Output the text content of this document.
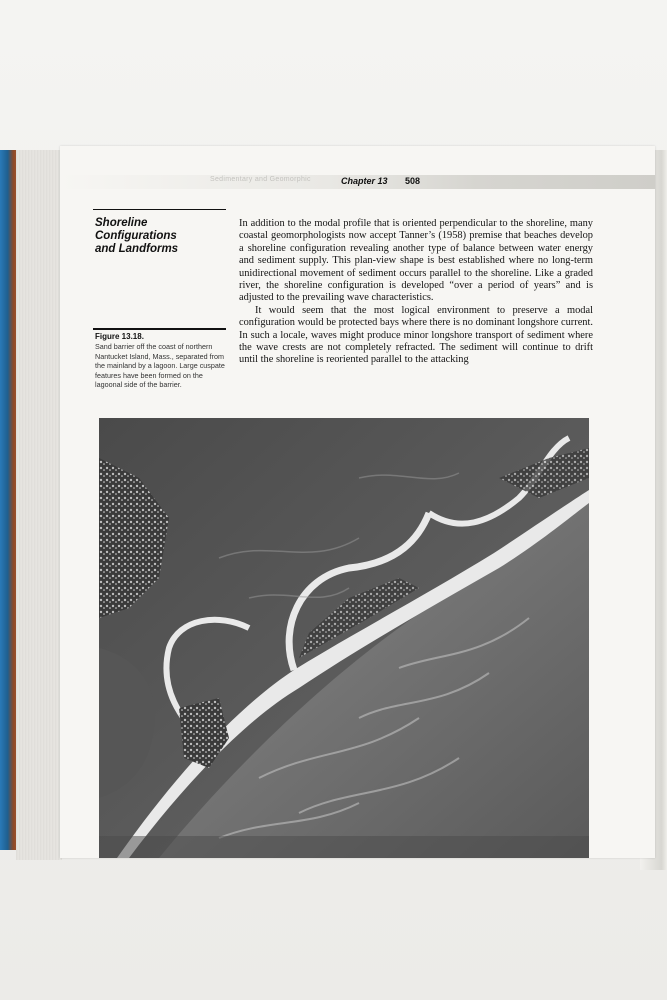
Sedimentary and Geomorphic	Chapter 13 508
Shoreline
Configurations
and Landforms
Figure 13.18.
Sand barrier off the coast of northern Nantucket Island, Mass., separated from the mainland by a lagoon. Large cuspate features have been formed on the lagoonal side of the barrier.

In addition to the modal profile that is oriented perpendicular to the shoreline, many coastal geomorphologists now accept Tanner’s (1958) premise that beaches develop a shoreline configuration revealing another type of balance between water energy and sediment supply. This plan-view shape is best established where no long-term unidirectional movement of sediment occurs parallel to the shoreline. Like a graded river, the shoreline configuration is developed “over a period of years” and is adjusted to the prevailing wave characteristics.

It would seem that the most logical environment to preserve a modal configuration would be protected bays where there is no dominant longshore current. In such a locale, waves might produce minor longshore transport of sediment where the wave crests are not completely refracted. The sediment will continue to drift until the shoreline is reoriented parallel to the attacking
